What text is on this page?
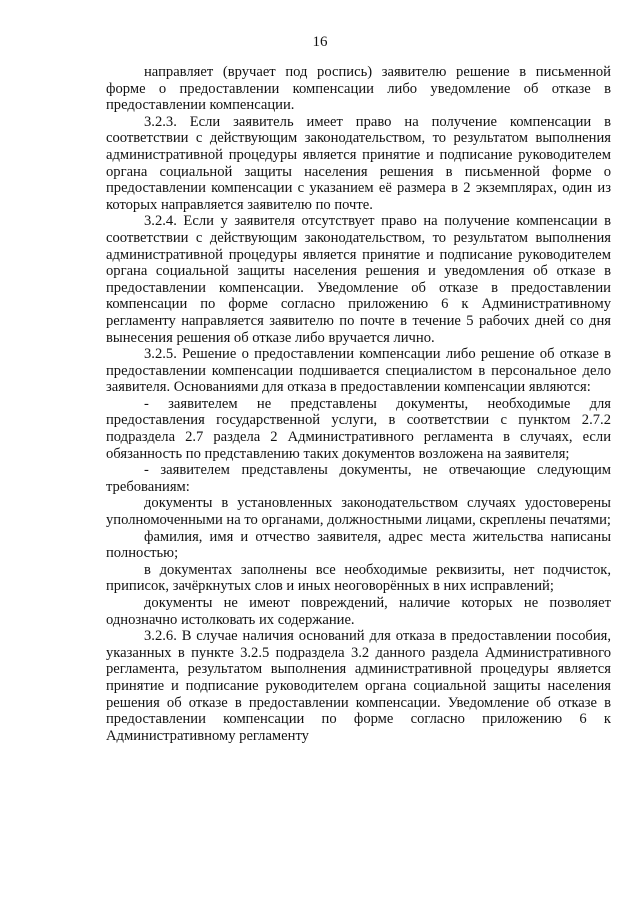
16

направляет (вручает под роспись) заявителю решение в письменной форме о предоставлении компенсации либо уведомление об отказе в предоставлении компенсации.

3.2.3. Если заявитель имеет право на получение компенсации в соответствии с действующим законодательством, то результатом выполнения административной процедуры является принятие и подписание руководителем органа социальной защиты населения решения в письменной форме о предоставлении компенсации с указанием её размера в 2 экземплярах, один из которых направляется заявителю по почте.

3.2.4. Если у заявителя отсутствует право на получение компенсации в соответствии с действующим законодательством, то результатом выполнения административной процедуры является принятие и подписание руководителем органа социальной защиты населения решения и уведомления об отказе в предоставлении компенсации. Уведомление об отказе в предоставлении компенсации по форме согласно приложению 6 к Административному регламенту направляется заявителю по почте в течение 5 рабочих дней со дня вынесения решения об отказе либо вручается лично.

3.2.5. Решение о предоставлении компенсации либо решение об отказе в предоставлении компенсации подшивается специалистом в персональное дело заявителя. Основаниями для отказа в предоставлении компенсации являются:

- заявителем не представлены документы, необходимые для предоставления государственной услуги, в соответствии с пунктом 2.7.2 подраздела 2.7 раздела 2 Административного регламента в случаях, если обязанность по представлению таких документов возложена на заявителя;

- заявителем представлены документы, не отвечающие следующим требованиям:

документы в установленных законодательством случаях удостоверены уполномоченными на то органами, должностными лицами, скреплены печатями;

фамилия, имя и отчество заявителя, адрес места жительства написаны полностью;

в документах заполнены все необходимые реквизиты, нет подчисток, приписок, зачёркнутых слов и иных неоговорённых в них исправлений;

документы не имеют повреждений, наличие которых не позволяет однозначно истолковать их содержание.

3.2.6. В случае наличия оснований для отказа в предоставлении пособия, указанных в пункте 3.2.5 подраздела 3.2 данного раздела Административного регламента, результатом выполнения административной процедуры является принятие и подписание руководителем органа социальной защиты населения решения об отказе в предоставлении компенсации. Уведомление об отказе в предоставлении компенсации по форме согласно приложению 6 к Административному регламенту
